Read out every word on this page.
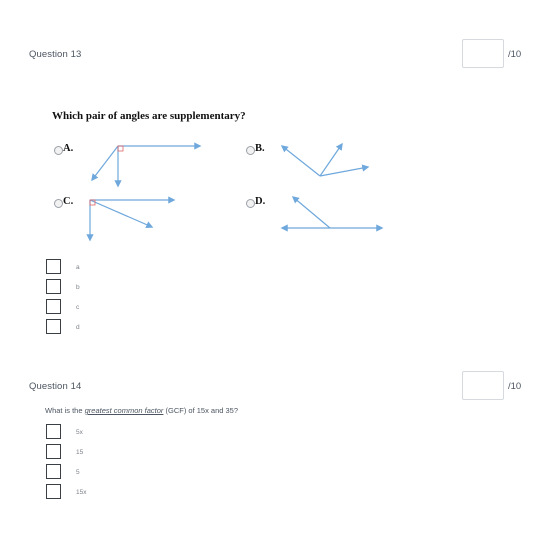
Question 13	/10
Which pair of angles are supplementary?
A.	B.
C.	D.
a
b
c
d
Question 14	/10
What is the greatest common factor (GCF) of 15x and 35?
5x
15
5
15x
